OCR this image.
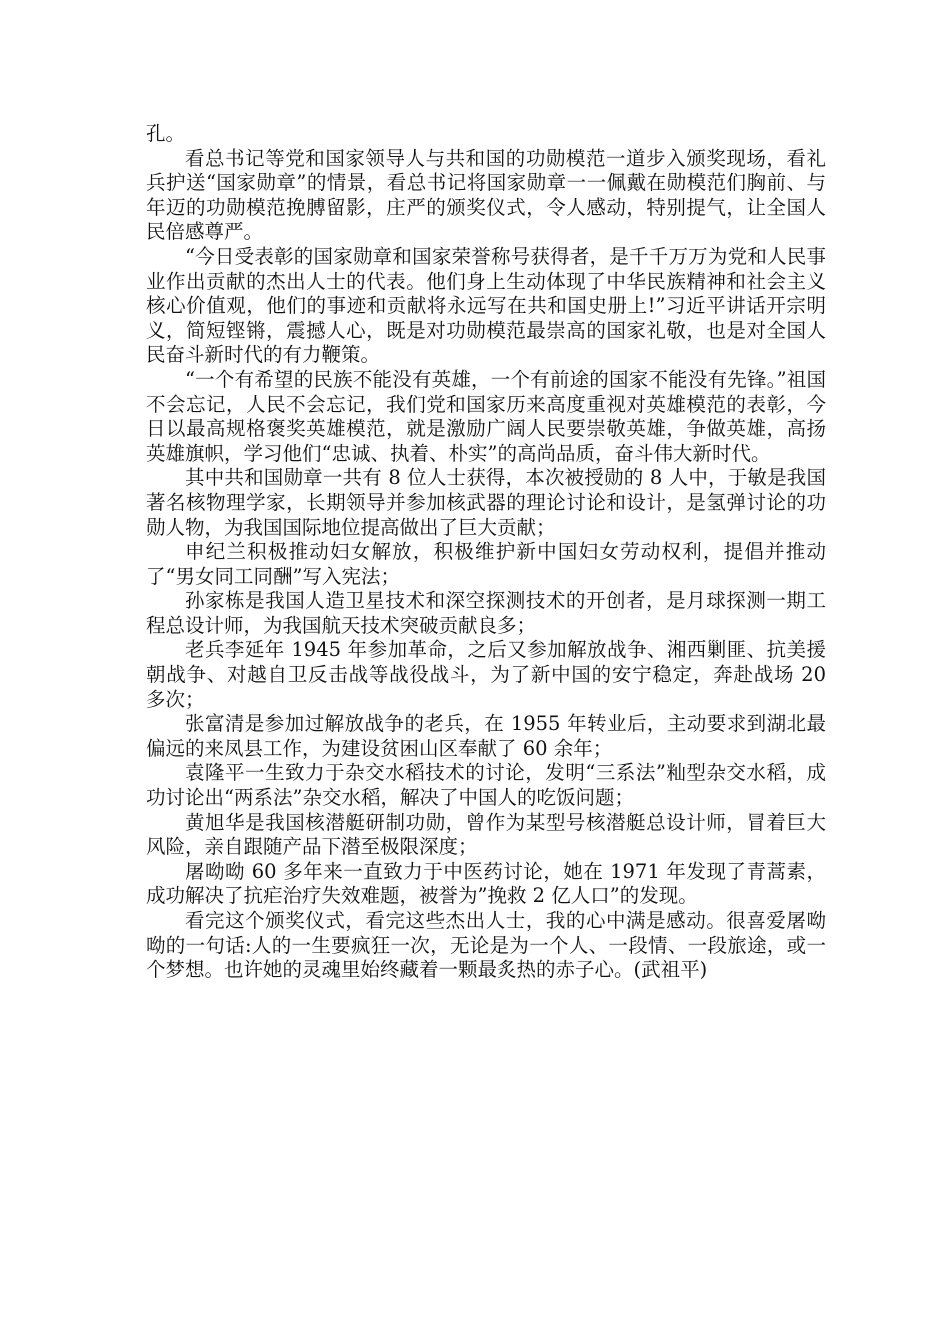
孔。

看总书记等党和国家领导人与共和国的功勋模范一道步入颁奖现场，看礼兵护送“国家勋章”的情景，看总书记将国家勋章一一佩戴在勋模范们胸前、与年迈的功勋模范挽膊留影，庄严的颁奖仪式，令人感动，特别提气，让全国人民倍感尊严。

“今日受表彰的国家勋章和国家荣誉称号获得者，是千千万万为党和人民事业作出贡献的杰出人士的代表。他们身上生动体现了中华民族精神和社会主义核心价值观，他们的事迹和贡献将永远写在共和国史册上!”习近平讲话开宗明义，简短铿锵，震撼人心，既是对功勋模范最崇高的国家礼敬，也是对全国人民奋斗新时代的有力鞭策。

“一个有希望的民族不能没有英雄，一个有前途的国家不能没有先锋。”祖国不会忘记，人民不会忘记，我们党和国家历来高度重视对英雄模范的表彰，今日以最高规格褒奖英雄模范，就是激励广阔人民要崇敬英雄，争做英雄，高扬英雄旗帜，学习他们“忠诚、执着、朴实”的高尚品质，奋斗伟大新时代。

其中共和国勋章一共有 8 位人士获得，本次被授勋的 8 人中，于敏是我国著名核物理学家，长期领导并参加核武器的理论讨论和设计，是氢弹讨论的功勋人物，为我国国际地位提高做出了巨大贡献；

申纪兰积极推动妇女解放，积极维护新中国妇女劳动权利，提倡并推动了“男女同工同酬”写入宪法；

孙家栋是我国人造卫星技术和深空探测技术的开创者，是月球探测一期工程总设计师，为我国航天技术突破贡献良多；

老兵李延年 1945 年参加革命，之后又参加解放战争、湘西剿匪、抗美援朝战争、对越自卫反击战等战役战斗，为了新中国的安宁稳定，奔赴战场 20 多次；

张富清是参加过解放战争的老兵，在 1955 年转业后，主动要求到湖北最偏远的来凤县工作，为建设贫困山区奉献了 60 余年；

袁隆平一生致力于杂交水稻技术的讨论，发明“三系法”籼型杂交水稻，成功讨论出“两系法”杂交水稻，解决了中国人的吃饭问题；

黄旭华是我国核潜艇研制功勋，曾作为某型号核潜艇总设计师，冒着巨大风险，亲自跟随产品下潜至极限深度；

屠呦呦 60 多年来一直致力于中医药讨论，她在 1971 年发现了青蒿素，成功解决了抗疟治疗失效难题，被誉为”挽救 2 亿人口”的发现。

看完这个颁奖仪式，看完这些杰出人士，我的心中满是感动。很喜爱屠呦呦的一句话:人的一生要疯狂一次，无论是为一个人、一段情、一段旅途，或一个梦想。也许她的灵魂里始终藏着一颗最炙热的赤子心。(武祖平)
